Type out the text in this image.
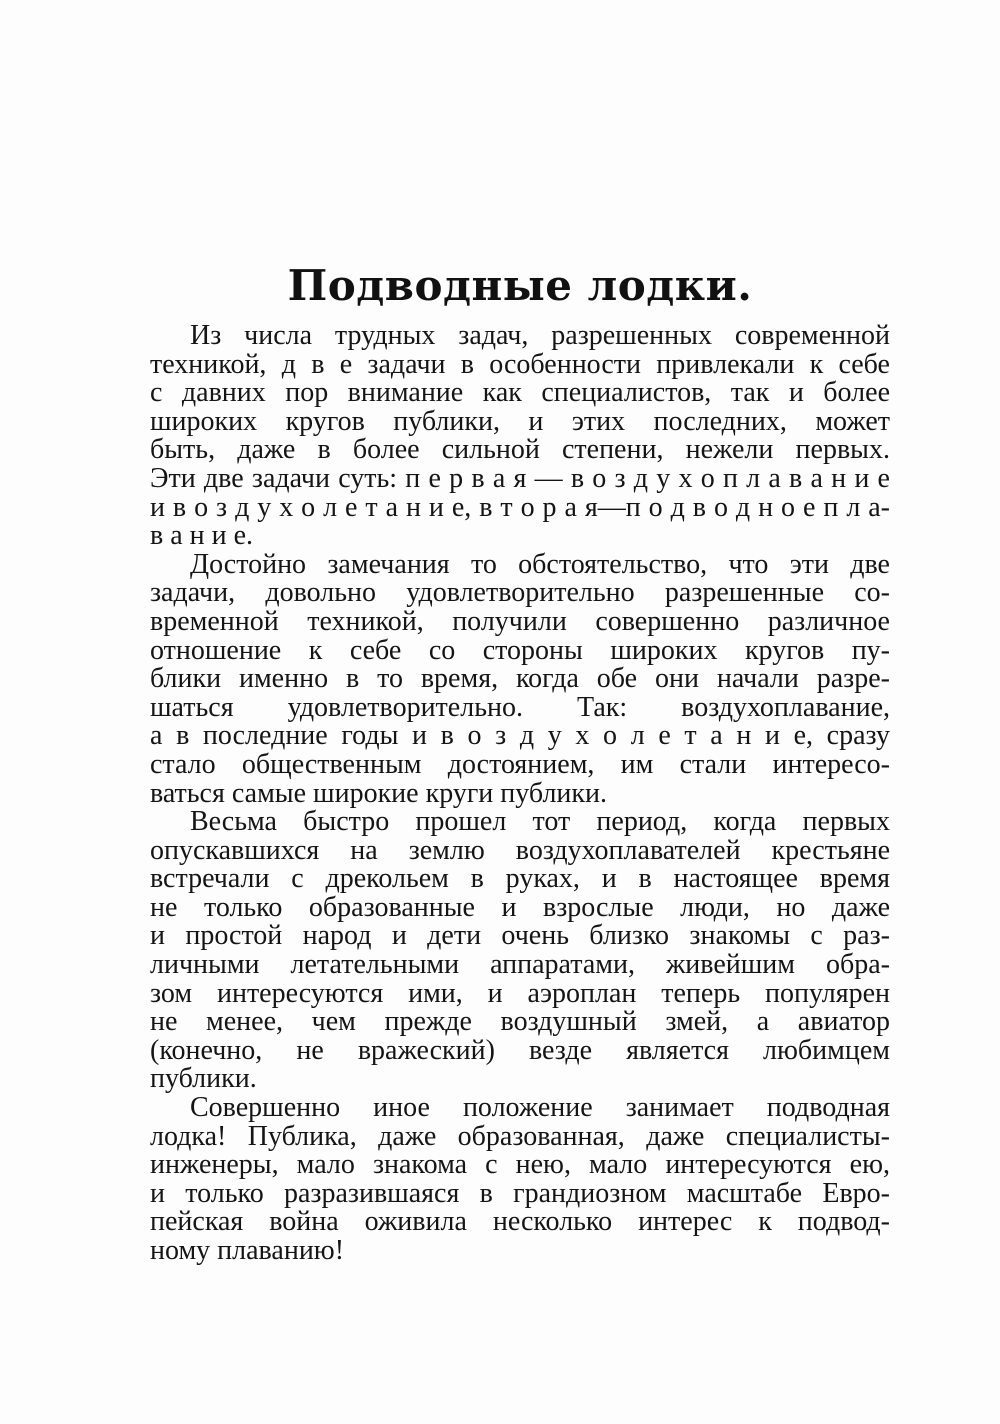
Подводные лодки.
Из числа трудных задач, разрешенных современной
техникой, д в е задачи в особенности привлекали к себе
с давних пор внимание как специалистов, так и более
широких кругов публики, и этих последних, может
быть, даже в более сильной степени, нежели первых.
Эти две задачи суть: п е р в а я — в о з д у х о п л а в а н и е
и в о з д у х о л е т а н и е, в т о р а я—п о д в о д н о е п л а-
в а н и е.
Достойно замечания то обстоятельство, что эти две
задачи, довольно удовлетворительно разрешенные со-
временной техникой, получили совершенно различное
отношение к себе со стороны широких кругов пу-
блики именно в то время, когда обе они начали разре-
шаться удовлетворительно. Так: воздухоплавание,
а в последние годы и в о з д у х о л е т а н и е, сразу
стало общественным достоянием, им стали интересо-
ваться самые широкие круги публики.
Весьма быстро прошел тот период, когда первых
опускавшихся на землю воздухоплавателей крестьяне
встречали с дрекольем в руках, и в настоящее время
не только образованные и взрослые люди, но даже
и простой народ и дети очень близко знакомы с раз-
личными летательными аппаратами, живейшим обра-
зом интересуются ими, и аэроплан теперь популярен
не менее, чем прежде воздушный змей, а авиатор
(конечно, не вражеский) везде является любимцем
публики.
Совершенно иное положение занимает подводная
лодка! Публика, даже образованная, даже специалисты-
инженеры, мало знакома с нею, мало интересуются ею,
и только разразившаяся в грандиозном масштабе Евро-
пейская война оживила несколько интерес к подвод-
ному плаванию!
